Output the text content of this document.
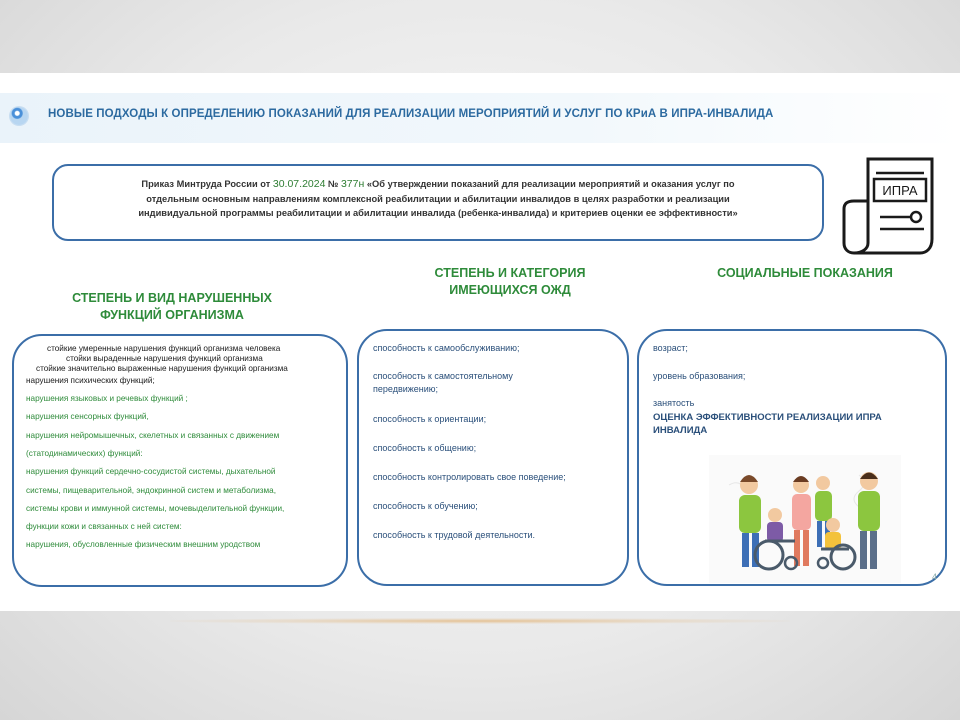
НОВЫЕ ПОДХОДЫ К ОПРЕДЕЛЕНИЮ ПОКАЗАНИЙ ДЛЯ РЕАЛИЗАЦИИ МЕРОПРИЯТИЙ И УСЛУГ ПО КРиА В ИПРА-ИНВАЛИДА
Приказ Минтруда России от 30.07.2024 № 377н «Об утверждении показаний для реализации мероприятий и оказания услуг по
отдельным основным направлениям комплексной реабилитации и абилитации инвалидов в целях разработки и реализации
индивидуальной программы реабилитации и абилитации инвалида (ребенка-инвалида) и критериев оценки ее эффективности»
ИПРА
СТЕПЕНЬ И ВИД НАРУШЕННЫХ
ФУНКЦИЙ ОРГАНИЗМА
СТЕПЕНЬ И КАТЕГОРИЯ
ИМЕЮЩИХСЯ ОЖД
СОЦИАЛЬНЫЕ ПОКАЗАНИЯ
стойкие умеренные нарушения функций организма человека
стойки выраденные нарушения функций организма
стойкие значительно выраженные нарушения функций организма
нарушения психических функций;
нарушения языковых и речевых функций ;
нарушения сенсорных функций,
нарушения нейромышечных, скелетных и связанных с движением
(статодинамических) функций:
нарушения функций сердечно-сосудистой системы, дыхательной
системы, пищеварительной, эндокринной систем и метаболизма,
системы крови и иммунной системы, мочевыделительной функции,
функции кожи и связанных с ней систем:
нарушения, обусловленные физическим внешним уродством
способность к самообслуживанию;
способность к самостоятельному
передвижению;
способность к ориентации;
способность к общению;
способность контролировать свое поведение;
способность к обучению;
способность к трудовой деятельности.
возраст;
уровень образования;
занятость
ОЦЕНКА ЭФФЕКТИВНОСТИ РЕАЛИЗАЦИИ ИПРА
ИНВАЛИДА
4
